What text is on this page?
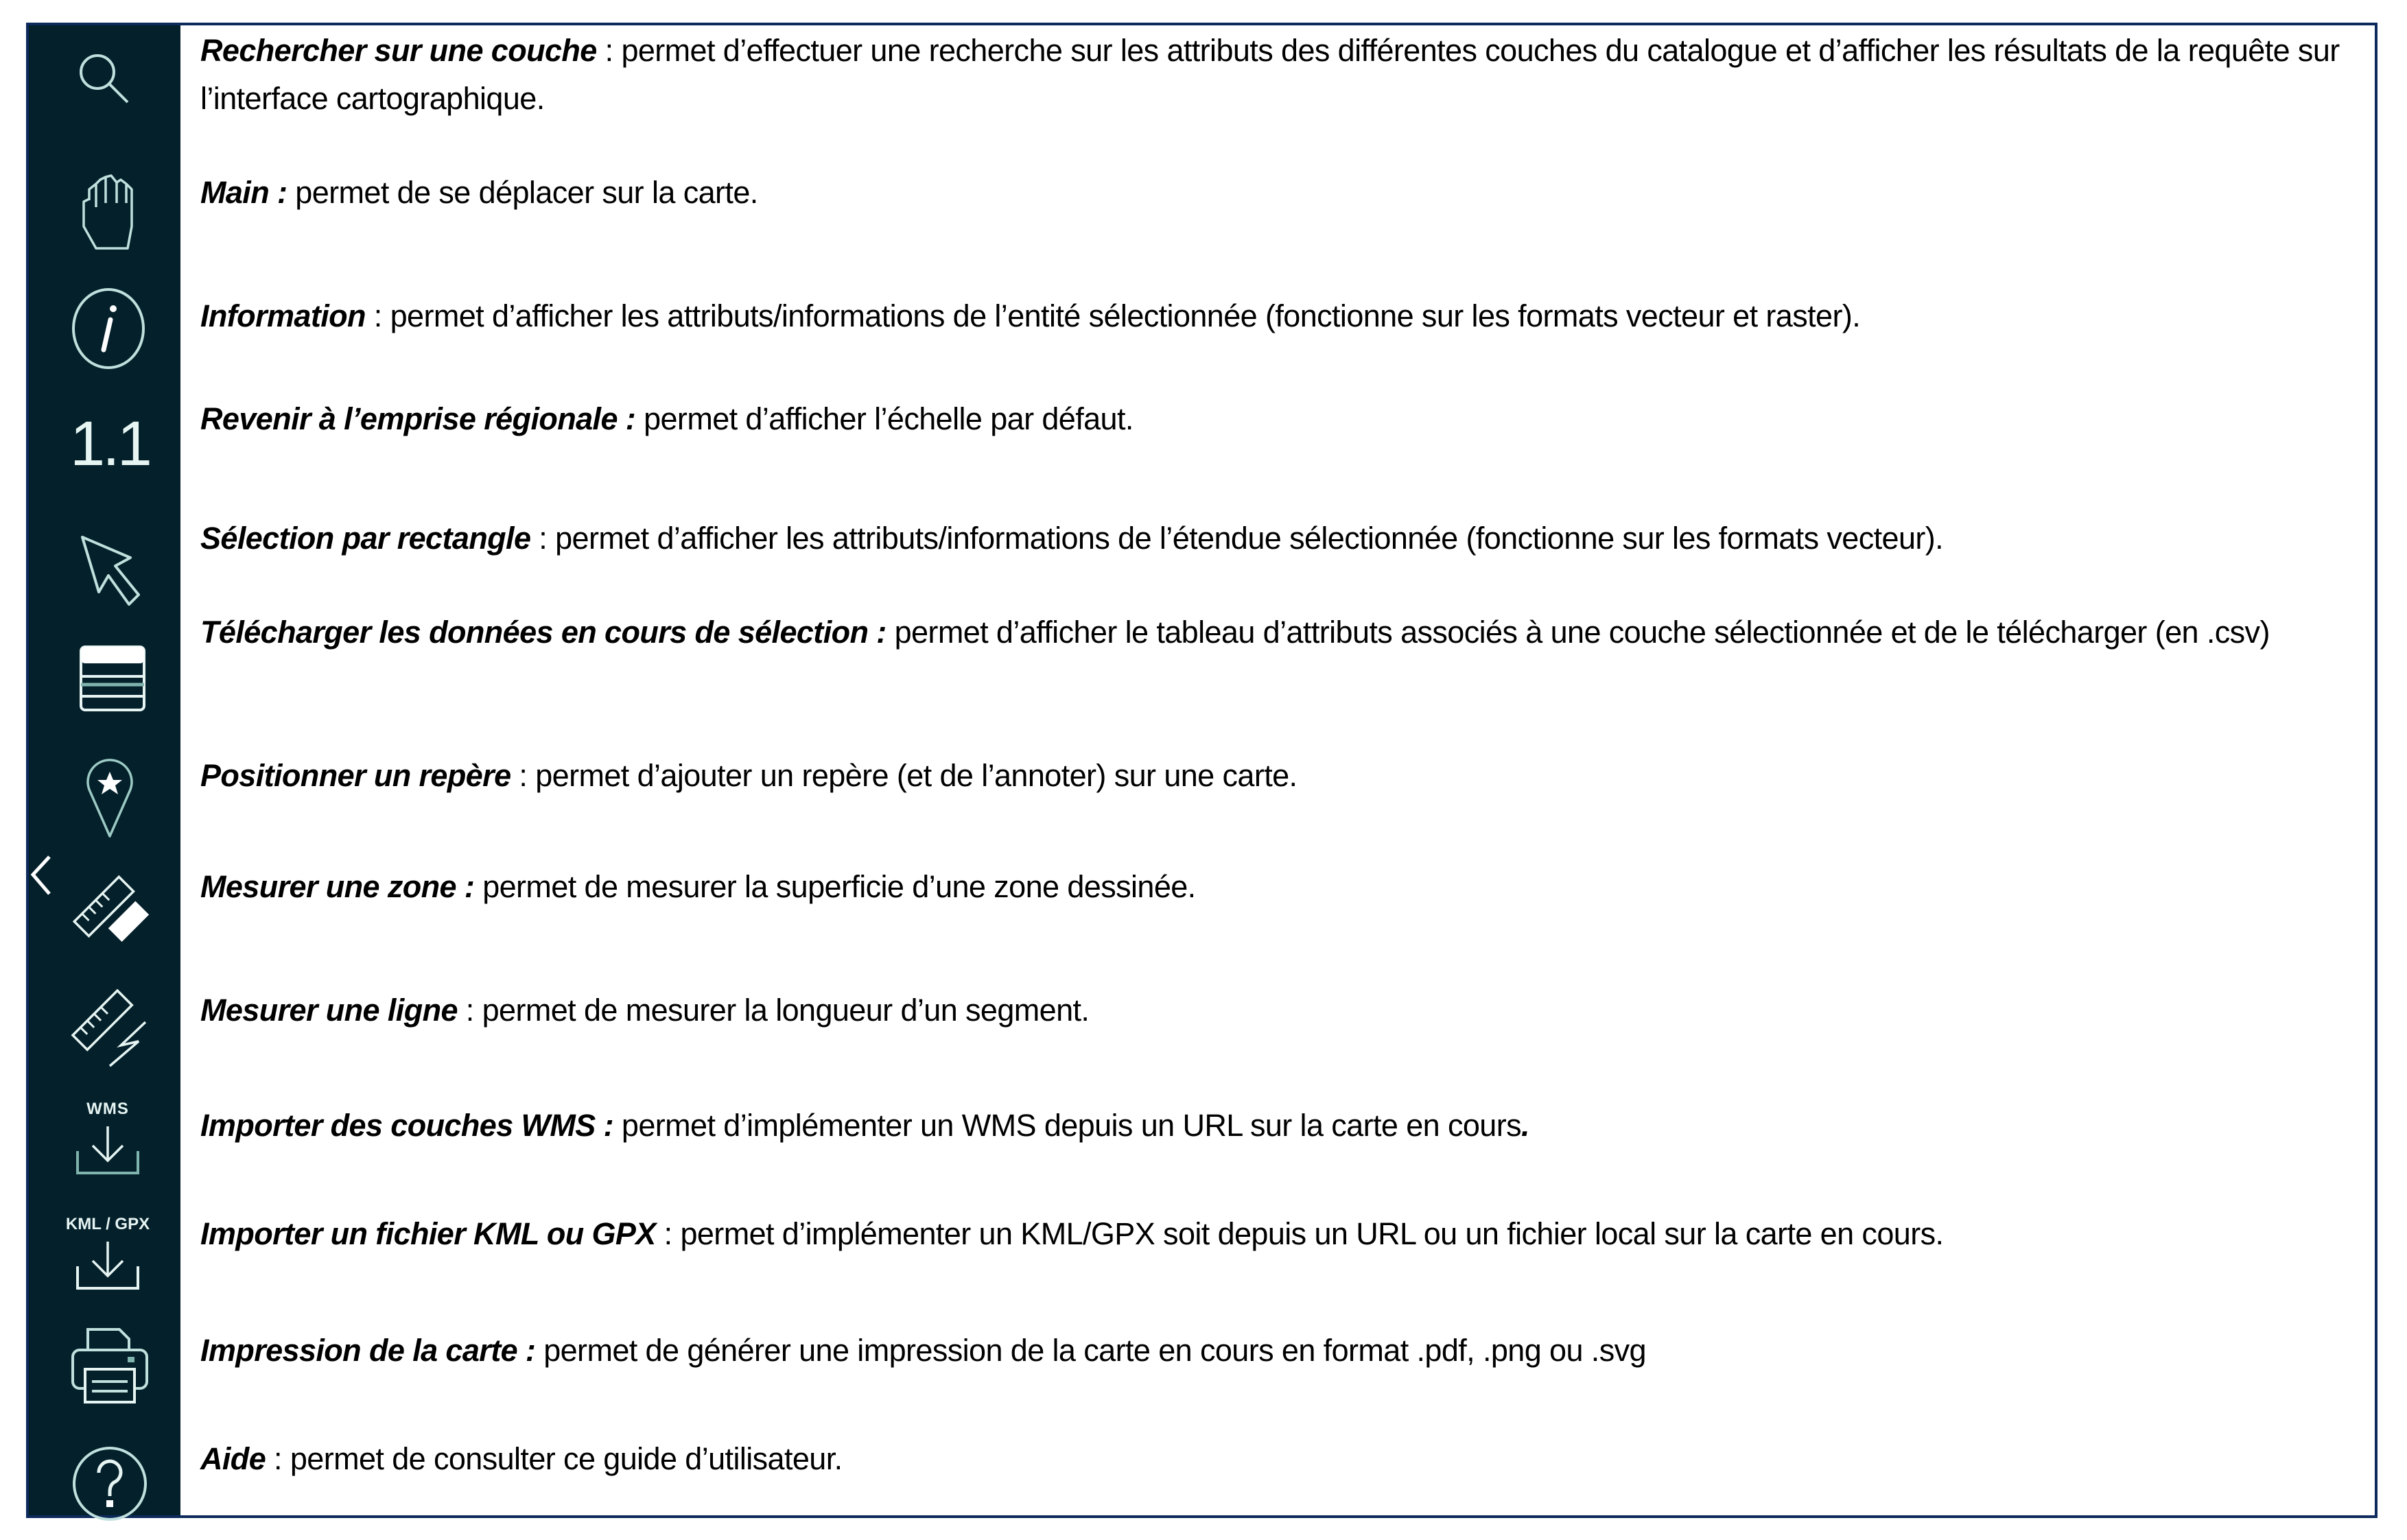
1.1
WMS
KML / GPX
Rechercher sur une couche : permet d’effectuer une recherche sur les attributs des différentes couches du catalogue et d’afficher les résultats de la requête sur l’interface cartographique.
Main : permet de se déplacer sur la carte.
Information : permet d’afficher les attributs/informations de l’entité sélectionnée (fonctionne sur les formats vecteur et raster).
Revenir à l’emprise régionale : permet d’afficher l’échelle par défaut.
Sélection par rectangle : permet d’afficher les attributs/informations de l’étendue sélectionnée (fonctionne sur les formats vecteur).
Télécharger les données en cours de sélection : permet d’afficher le tableau d’attributs associés à une couche sélectionnée et de le télécharger (en .csv)
Positionner un repère : permet d’ajouter un repère (et de l’annoter) sur une carte.
Mesurer une zone : permet de mesurer la superficie d’une zone dessinée.
Mesurer une ligne : permet de mesurer la longueur d’un segment.
Importer des couches WMS : permet d’implémenter un WMS depuis un URL sur la carte en cours.
Importer un fichier KML ou GPX : permet d’implémenter un KML/GPX soit depuis un URL ou un fichier local sur la carte en cours.
Impression de la carte : permet de générer une impression de la carte en cours en format .pdf, .png ou .svg
Aide : permet de consulter ce guide d’utilisateur.
